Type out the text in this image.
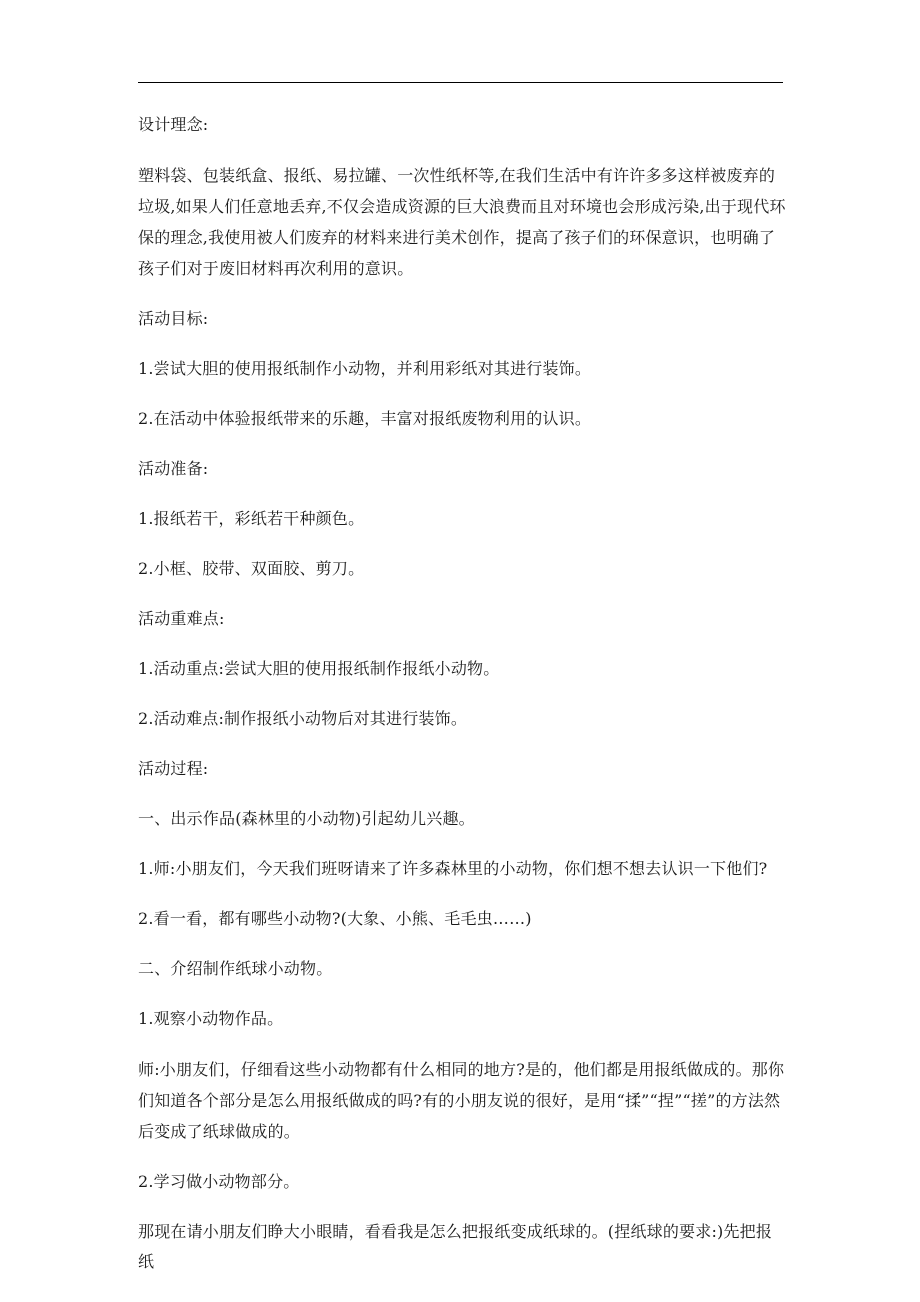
设计理念:

塑料袋、包装纸盒、报纸、易拉罐、一次性纸杯等,在我们生活中有许许多多这样被废弃的垃圾,如果人们任意地丢弃,不仅会造成资源的巨大浪费而且对环境也会形成污染,出于现代环保的理念,我使用被人们废弃的材料来进行美术创作，提高了孩子们的环保意识，也明确了孩子们对于废旧材料再次利用的意识。

活动目标:

1.尝试大胆的使用报纸制作小动物，并利用彩纸对其进行装饰。

2.在活动中体验报纸带来的乐趣，丰富对报纸废物利用的认识。

活动准备:

1.报纸若干，彩纸若干种颜色。

2.小框、胶带、双面胶、剪刀。

活动重难点:

1.活动重点:尝试大胆的使用报纸制作报纸小动物。

2.活动难点:制作报纸小动物后对其进行装饰。

活动过程:

一、出示作品(森林里的小动物)引起幼儿兴趣。

1.师:小朋友们，今天我们班呀请来了许多森林里的小动物，你们想不想去认识一下他们?

2.看一看，都有哪些小动物?(大象、小熊、毛毛虫……)

二、介绍制作纸球小动物。

1.观察小动物作品。

师:小朋友们，仔细看这些小动物都有什么相同的地方?是的，他们都是用报纸做成的。那你们知道各个部分是怎么用报纸做成的吗?有的小朋友说的很好，是用“揉”“捏”“搓”的方法然后变成了纸球做成的。

2.学习做小动物部分。

那现在请小朋友们睁大小眼睛，看看我是怎么把报纸变成纸球的。(捏纸球的要求:)先把报纸
